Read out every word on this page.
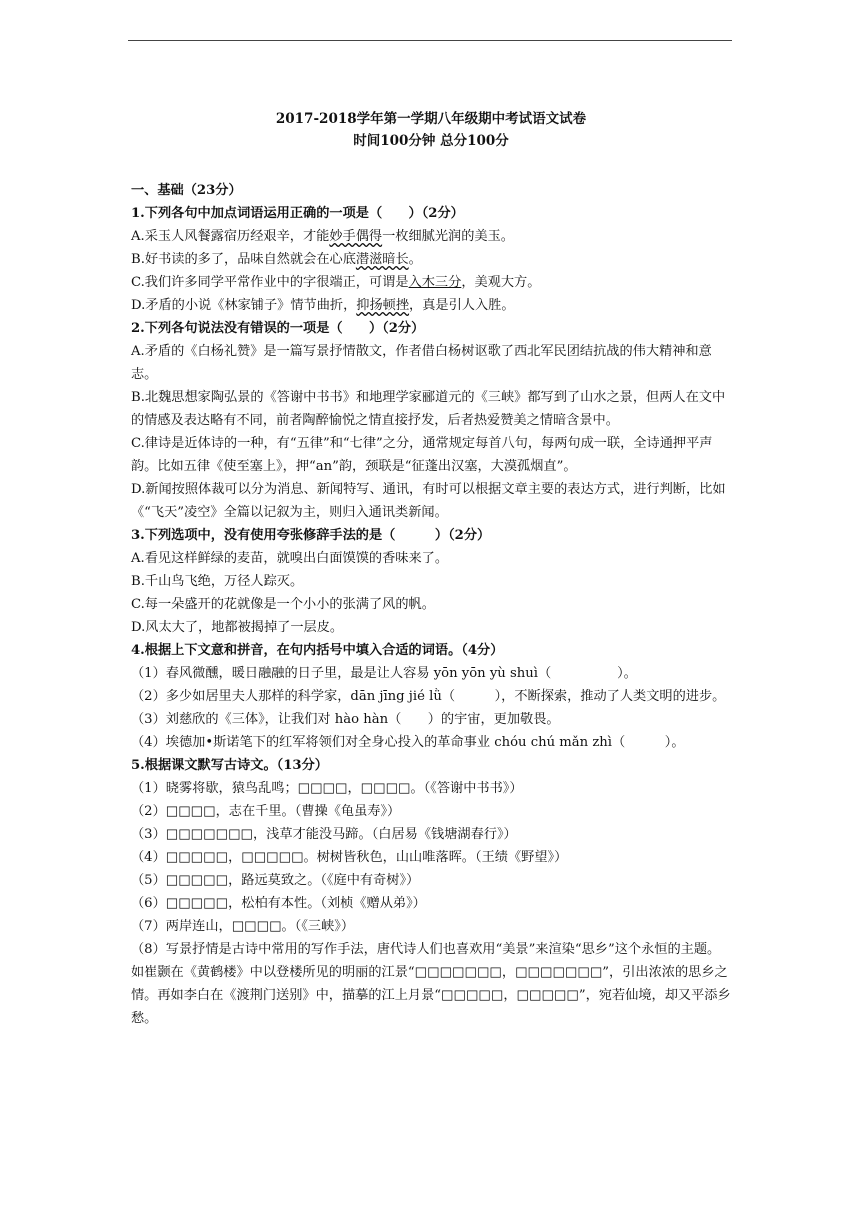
2017-2018学年第一学期八年级期中考试语文试卷
时间100分钟 总分100分
一、基础（23分）
1.下列各句中加点词语运用正确的一项是（　　）（2分）
A.采玉人风餐露宿历经艰辛，才能妙手偶得一枚细腻光润的美玉。
B.好书读的多了，品味自然就会在心底潜滋暗长。
C.我们许多同学平常作业中的字很端正，可谓是入木三分，美观大方。
D.矛盾的小说《林家铺子》情节曲折，抑扬顿挫，真是引人入胜。
2.下列各句说法没有错误的一项是（　　）（2分）
A.矛盾的《白杨礼赞》是一篇写景抒情散文，作者借白杨树讴歌了西北军民团结抗战的伟大精神和意志。
B.北魏思想家陶弘景的《答谢中书书》和地理学家郦道元的《三峡》都写到了山水之景，但两人在文中的情感及表达略有不同，前者陶醉愉悦之情直接抒发，后者热爱赞美之情暗含景中。
C.律诗是近体诗的一种，有“五律”和“七律”之分，通常规定每首八句，每两句成一联，全诗通押平声韵。比如五律《使至塞上》，押“an”韵，颈联是“征蓬出汉塞，大漠孤烟直”。
D.新闻按照体裁可以分为消息、新闻特写、通讯，有时可以根据文章主要的表达方式，进行判断，比如《“飞天”凌空》全篇以记叙为主，则归入通讯类新闻。
3.下列选项中，没有使用夸张修辞手法的是（　　　）（2分）
A.看见这样鲜绿的麦苗，就嗅出白面馍馍的香味来了。
B.千山鸟飞绝，万径人踪灭。
C.每一朵盛开的花就像是一个小小的张满了风的帆。
D.风太大了，地都被揭掉了一层皮。
4.根据上下文意和拼音，在句内括号中填入合适的词语。（4分）
（1）春风微醺，暖日融融的日子里，最是让人容易 yōn yōn yù shuì（　　　　　）。
（2）多少如居里夫人那样的科学家，dān jīng jié lǜ（　　　），不断探索，推动了人类文明的进步。
（3）刘慈欣的《三体》，让我们对 hào hàn（　　）的宇宙，更加敬畏。
（4）埃德加•斯诺笔下的红军将领们对全身心投入的革命事业 chóu chú mǎn zhì（　　　）。
5.根据课文默写古诗文。（13分）
（1）晓雾将歇，猿鸟乱鸣；□□□□，□□□□。（《答谢中书书》）
（2）□□□□，志在千里。（曹操《龟虽寿》）
（3）□□□□□□□，浅草才能没马蹄。（白居易《钱塘湖春行》）
（4）□□□□□，□□□□□。树树皆秋色，山山唯落晖。（王绩《野望》）
（5）□□□□□，路远莫致之。（《庭中有奇树》）
（6）□□□□□，松柏有本性。（刘桢《赠从弟》）
（7）两岸连山，□□□□。（《三峡》）
（8）写景抒情是古诗中常用的写作手法，唐代诗人们也喜欢用“美景”来渲染“思乡”这个永恒的主题。如崔颢在《黄鹤楼》中以登楼所见的明丽的江景“□□□□□□□，□□□□□□□”，引出浓浓的思乡之情。再如李白在《渡荆门送别》中，描摹的江上月景“□□□□□，□□□□□”，宛若仙境，却又平添乡愁。
